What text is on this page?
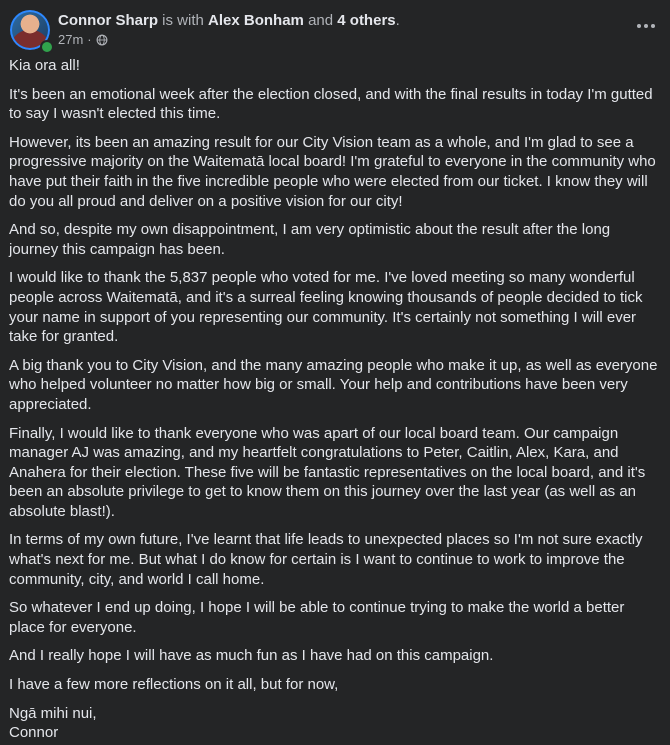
Connor Sharp is with Alex Bonham and 4 others.
27m ·

Kia ora all!

It's been an emotional week after the election closed, and with the final results in today I'm gutted to say I wasn't elected this time.

However, its been an amazing result for our City Vision team as a whole, and I'm glad to see a progressive majority on the Waitematā local board! I'm grateful to everyone in the community who have put their faith in the five incredible people who were elected from our ticket. I know they will do you all proud and deliver on a positive vision for our city!

And so, despite my own disappointment, I am very optimistic about the result after the long journey this campaign has been.

I would like to thank the 5,837 people who voted for me. I've loved meeting so many wonderful people across Waitematā, and it's a surreal feeling knowing thousands of people decided to tick your name in support of you representing our community. It's certainly not something I will ever take for granted.

A big thank you to City Vision, and the many amazing people who make it up, as well as everyone who helped volunteer no matter how big or small. Your help and contributions have been very appreciated.

Finally, I would like to thank everyone who was apart of our local board team. Our campaign manager AJ was amazing, and my heartfelt congratulations to Peter, Caitlin, Alex, Kara, and Anahera for their election. These five will be fantastic representatives on the local board, and it's been an absolute privilege to get to know them on this journey over the last year (as well as an absolute blast!).

In terms of my own future, I've learnt that life leads to unexpected places so I'm not sure exactly what's next for me. But what I do know for certain is I want to continue to work to improve the community, city, and world I call home.

So whatever I end up doing, I hope I will be able to continue trying to make the world a better place for everyone.

And I really hope I will have as much fun as I have had on this campaign.

I have a few more reflections on it all, but for now,

Ngā mihi nui,
Connor
